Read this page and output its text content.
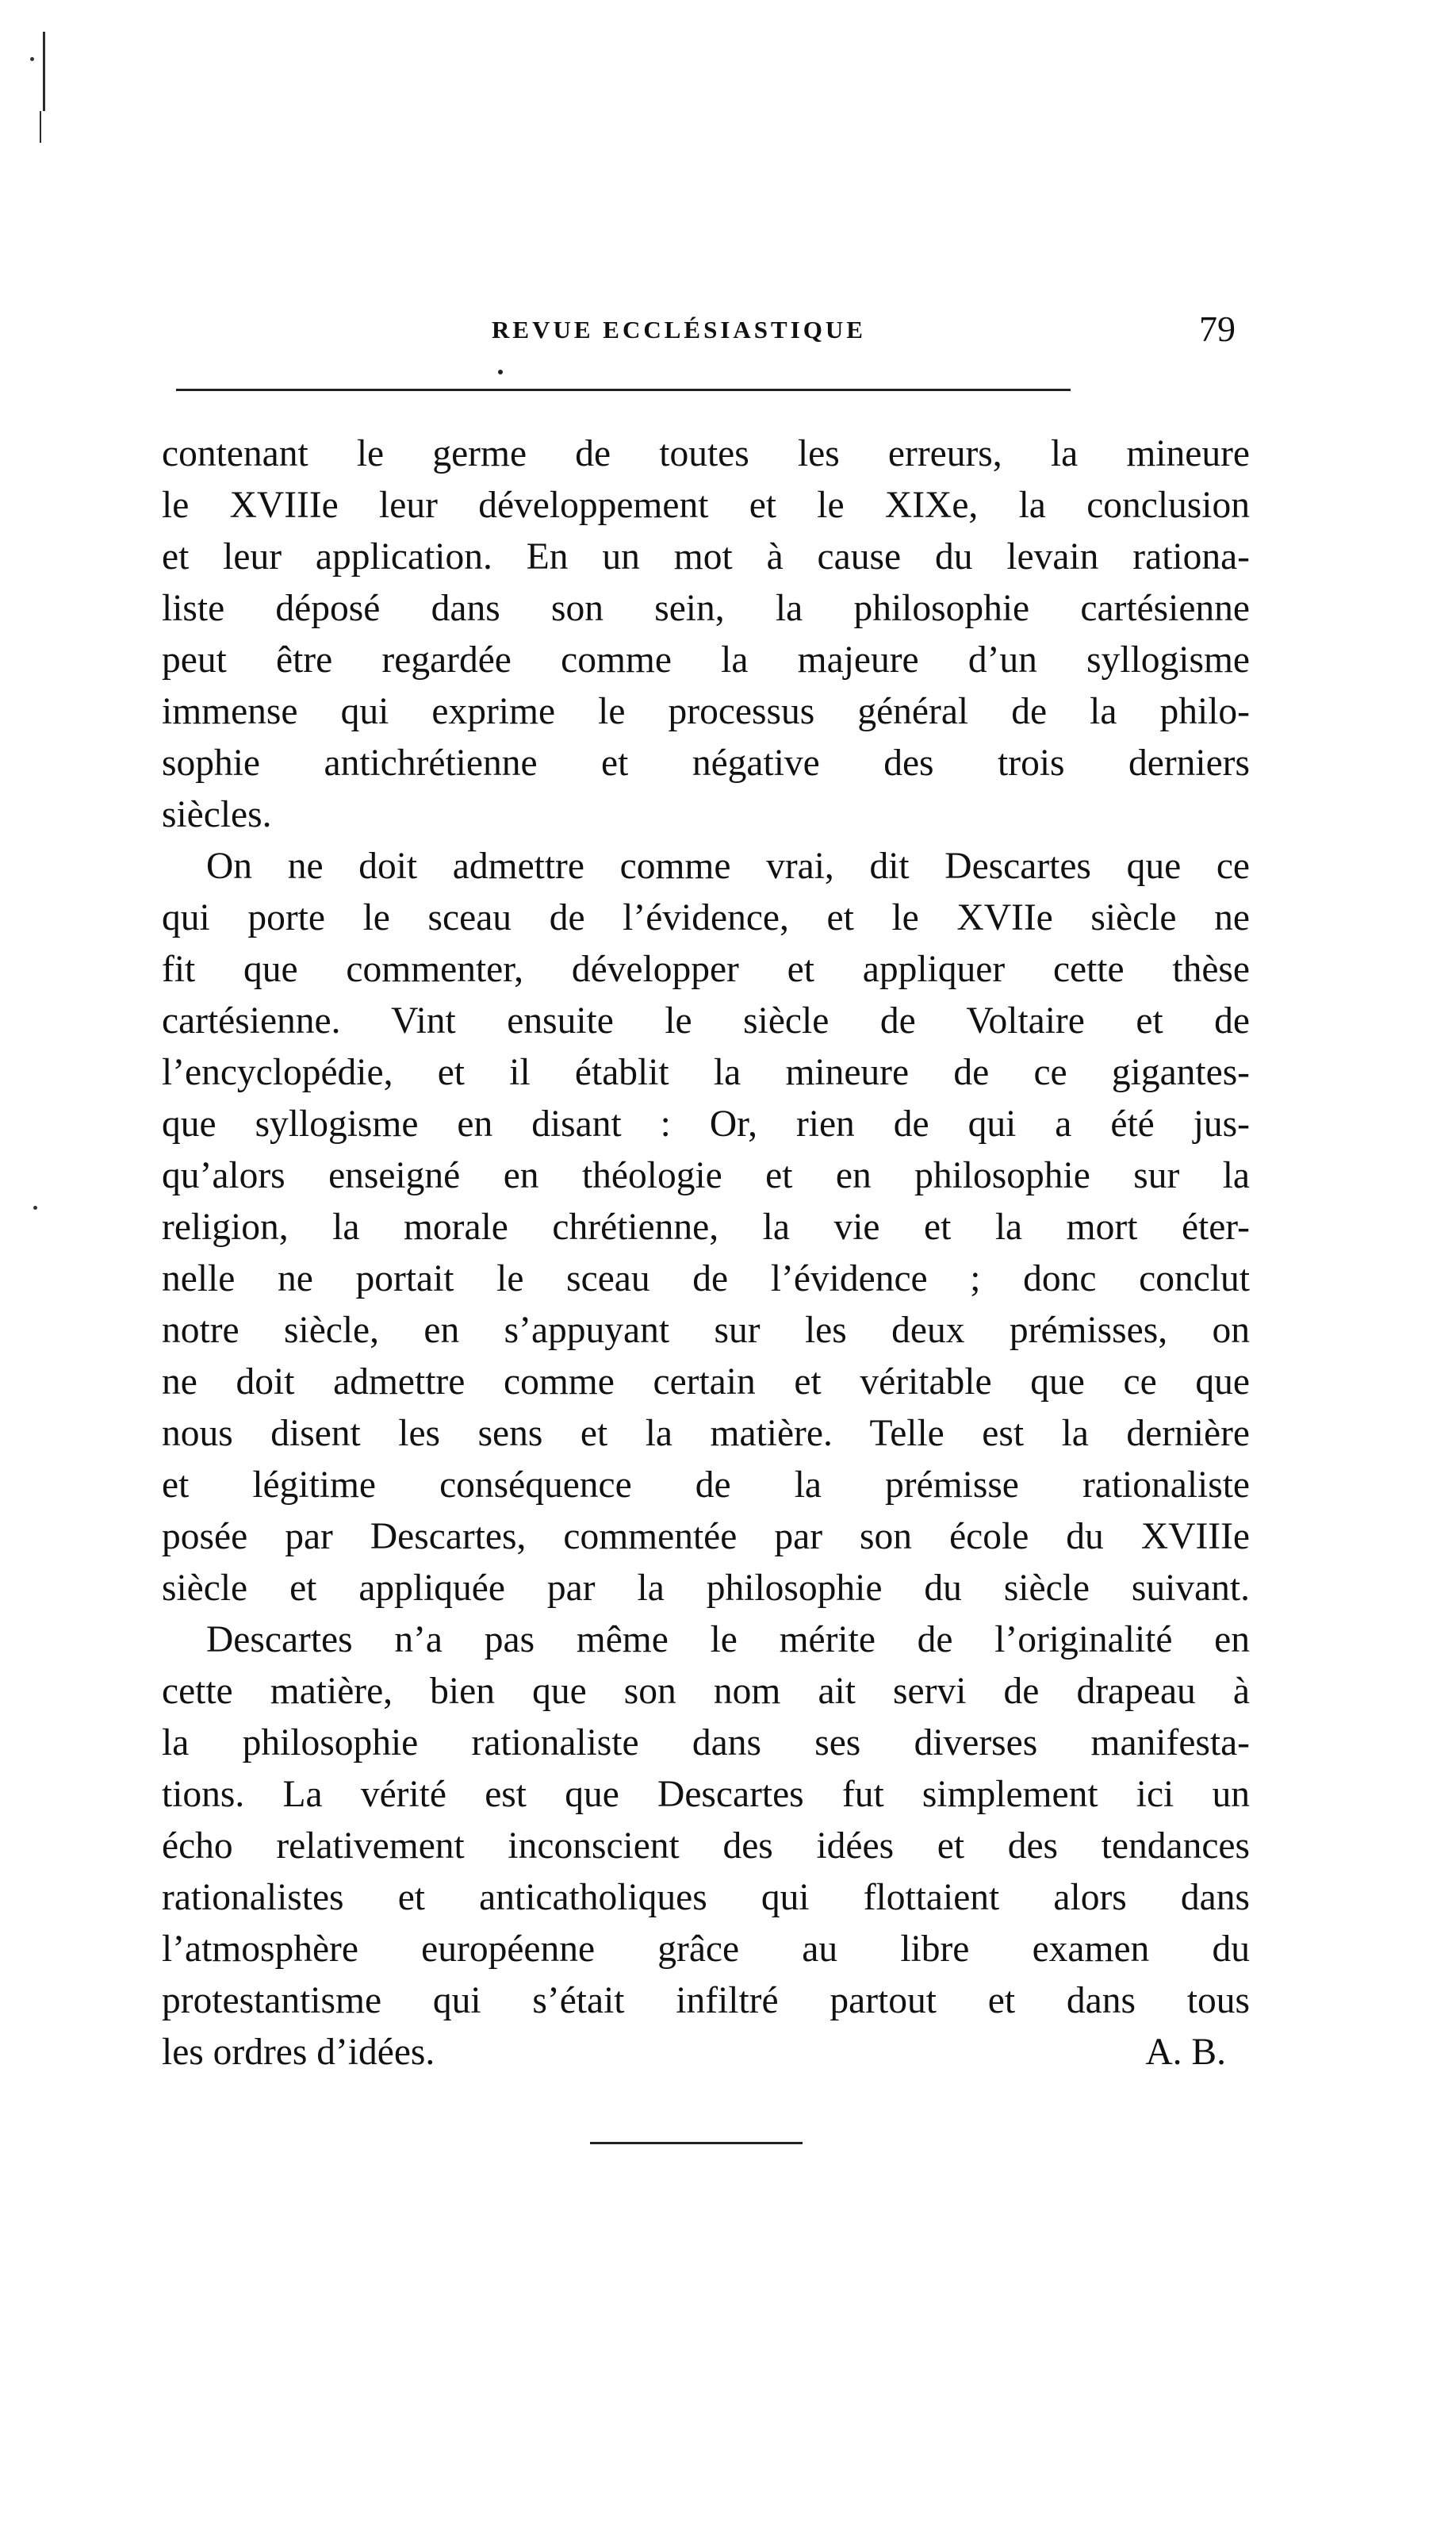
REVUE ECCLÉSIASTIQUE	79
contenant le germe de toutes les erreurs, la mineure
le XVIIIe leur développement et le XIXe, la conclusion
et leur application. En un mot à cause du levain rationa-
liste déposé dans son sein, la philosophie cartésienne
peut être regardée comme la majeure d’un syllogisme
immense qui exprime le processus général de la philo-
sophie antichrétienne et négative des trois derniers
siècles.
On ne doit admettre comme vrai, dit Descartes que ce
qui porte le sceau de l’évidence, et le XVIIe siècle ne
fit que commenter, développer et appliquer cette thèse
cartésienne. Vint ensuite le siècle de Voltaire et de
l’encyclopédie, et il établit la mineure de ce gigantes-
que syllogisme en disant : Or, rien de qui a été jus-
qu’alors enseigné en théologie et en philosophie sur la
religion, la morale chrétienne, la vie et la mort éter-
nelle ne portait le sceau de l’évidence ; donc conclut
notre siècle, en s’appuyant sur les deux prémisses, on
ne doit admettre comme certain et véritable que ce que
nous disent les sens et la matière. Telle est la dernière
et légitime conséquence de la prémisse rationaliste
posée par Descartes, commentée par son école du XVIIIe
siècle et appliquée par la philosophie du siècle suivant.
Descartes n’a pas même le mérite de l’originalité en
cette matière, bien que son nom ait servi de drapeau à
la philosophie rationaliste dans ses diverses manifesta-
tions. La vérité est que Descartes fut simplement ici un
écho relativement inconscient des idées et des tendances
rationalistes et anticatholiques qui flottaient alors dans
l’atmosphère européenne grâce au libre examen du
protestantisme qui s’était infiltré partout et dans tous
les ordres d’idées.	A. B.
